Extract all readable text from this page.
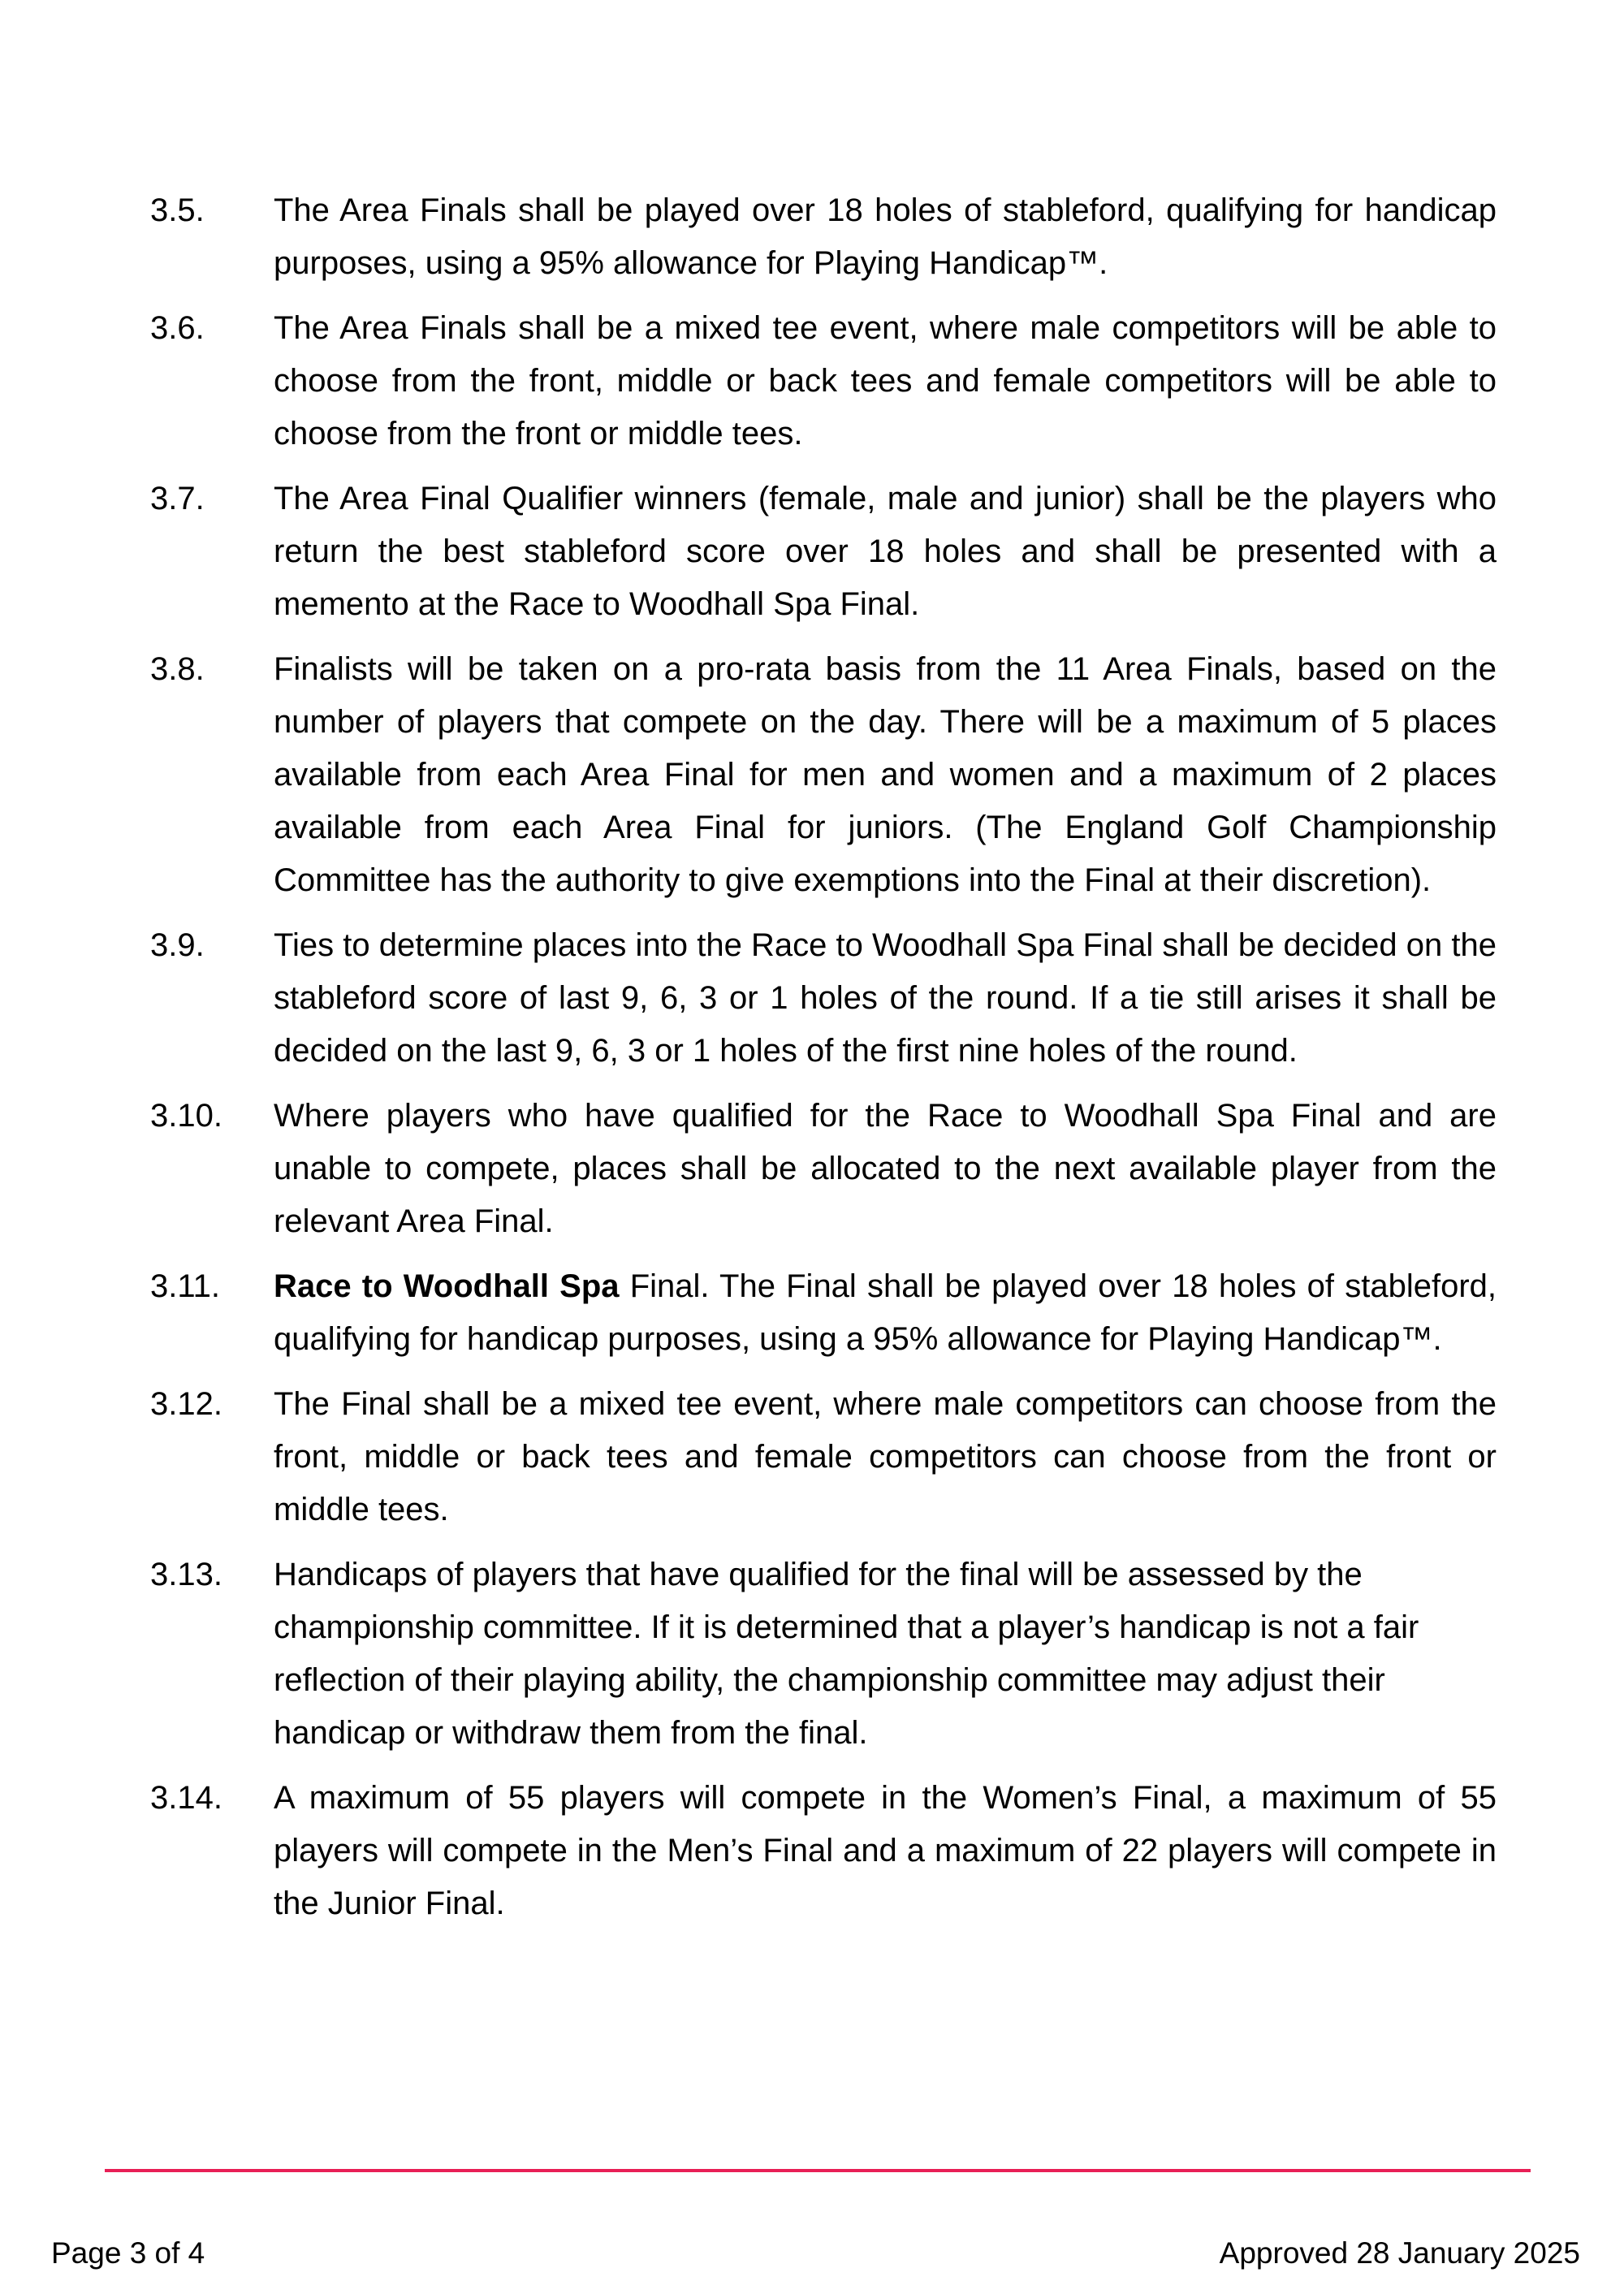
3.5.	The Area Finals shall be played over 18 holes of stableford, qualifying for handicap purposes, using a 95% allowance for Playing Handicap™.

3.6.	The Area Finals shall be a mixed tee event, where male competitors will be able to choose from the front, middle or back tees and female competitors will be able to choose from the front or middle tees.

3.7.	The Area Final Qualifier winners (female, male and junior) shall be the players who return the best stableford score over 18 holes and shall be presented with a memento at the Race to Woodhall Spa Final.

3.8.	Finalists will be taken on a pro-rata basis from the 11 Area Finals, based on the number of players that compete on the day. There will be a maximum of 5 places available from each Area Final for men and women and a maximum of 2 places available from each Area Final for juniors. (The England Golf Championship Committee has the authority to give exemptions into the Final at their discretion).

3.9.	Ties to determine places into the Race to Woodhall Spa Final shall be decided on the stableford score of last 9, 6, 3 or 1 holes of the round. If a tie still arises it shall be decided on the last 9, 6, 3 or 1 holes of the first nine holes of the round.

3.10.	Where players who have qualified for the Race to Woodhall Spa Final and are unable to compete, places shall be allocated to the next available player from the relevant Area Final.

3.11.	Race to Woodhall Spa Final. The Final shall be played over 18 holes of stableford, qualifying for handicap purposes, using a 95% allowance for Playing Handicap™.

3.12.	The Final shall be a mixed tee event, where male competitors can choose from the front, middle or back tees and female competitors can choose from the front or middle tees.

3.13.	Handicaps of players that have qualified for the final will be assessed by the championship committee. If it is determined that a player’s handicap is not a fair reflection of their playing ability, the championship committee may adjust their handicap or withdraw them from the final.

3.14.	A maximum of 55 players will compete in the Women’s Final, a maximum of 55 players will compete in the Men’s Final and a maximum of 22 players will compete in the Junior Final.

Page 3 of 4	Approved 28 January 2025
